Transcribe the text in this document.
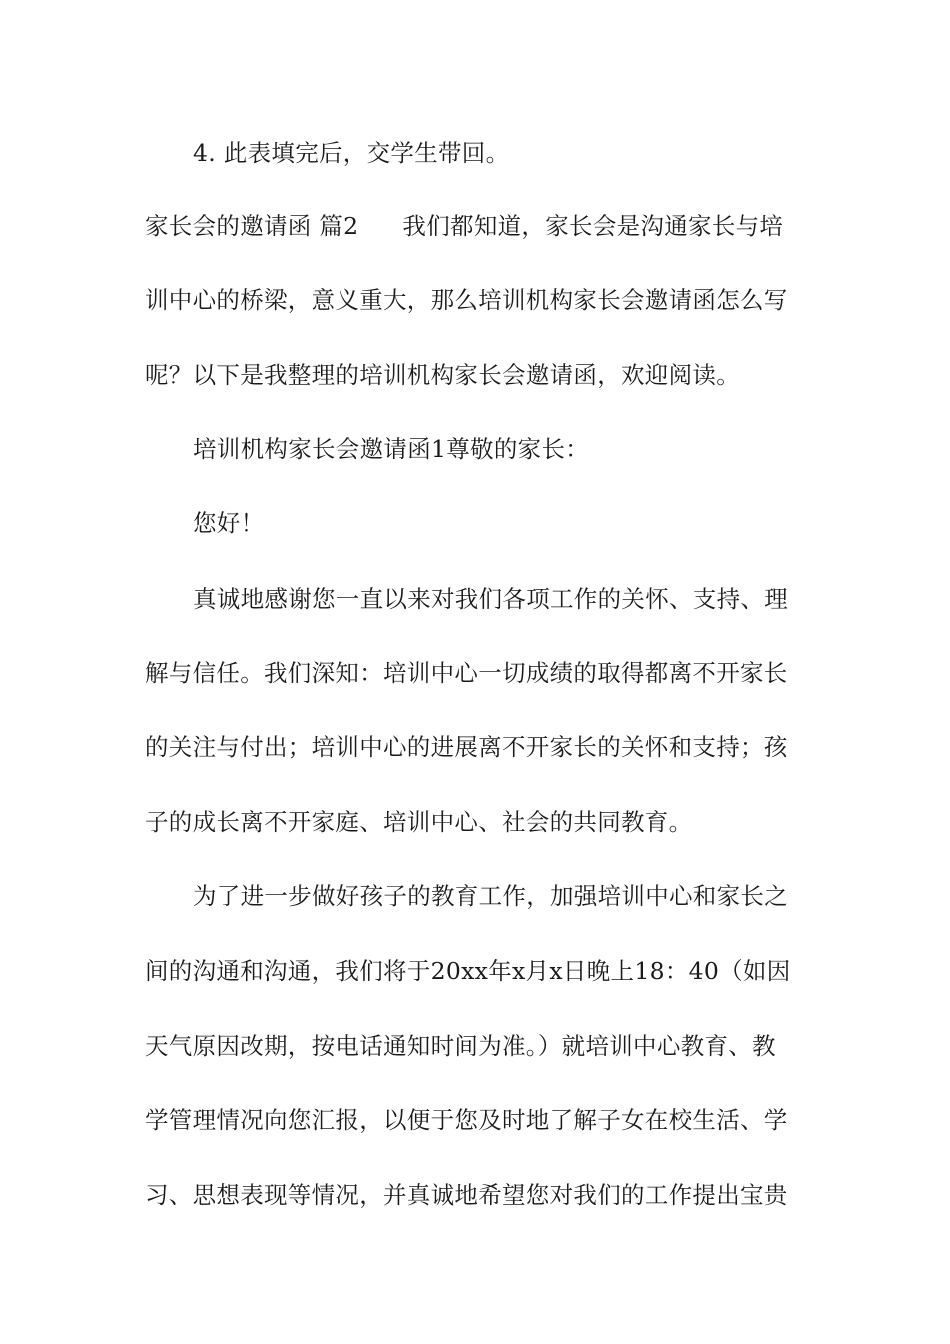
4. 此表填完后，交学生带回。
家长会的邀请函 篇2 我们都知道，家长会是沟通家长与培
训中心的桥梁，意义重大，那么培训机构家长会邀请函怎么写
呢？以下是我整理的培训机构家长会邀请函，欢迎阅读。
培训机构家长会邀请函1尊敬的家长：
您好！
真诚地感谢您一直以来对我们各项工作的关怀、支持、理
解与信任。我们深知：培训中心一切成绩的取得都离不开家长
的关注与付出；培训中心的进展离不开家长的关怀和支持；孩
子的成长离不开家庭、培训中心、社会的共同教育。
为了进一步做好孩子的教育工作，加强培训中心和家长之
间的沟通和沟通，我们将于20xx年x月x日晚上18：40（如因
天气原因改期，按电话通知时间为准。）就培训中心教育、教
学管理情况向您汇报，以便于您及时地了解子女在校生活、学
习、思想表现等情况，并真诚地希望您对我们的工作提出宝贵
